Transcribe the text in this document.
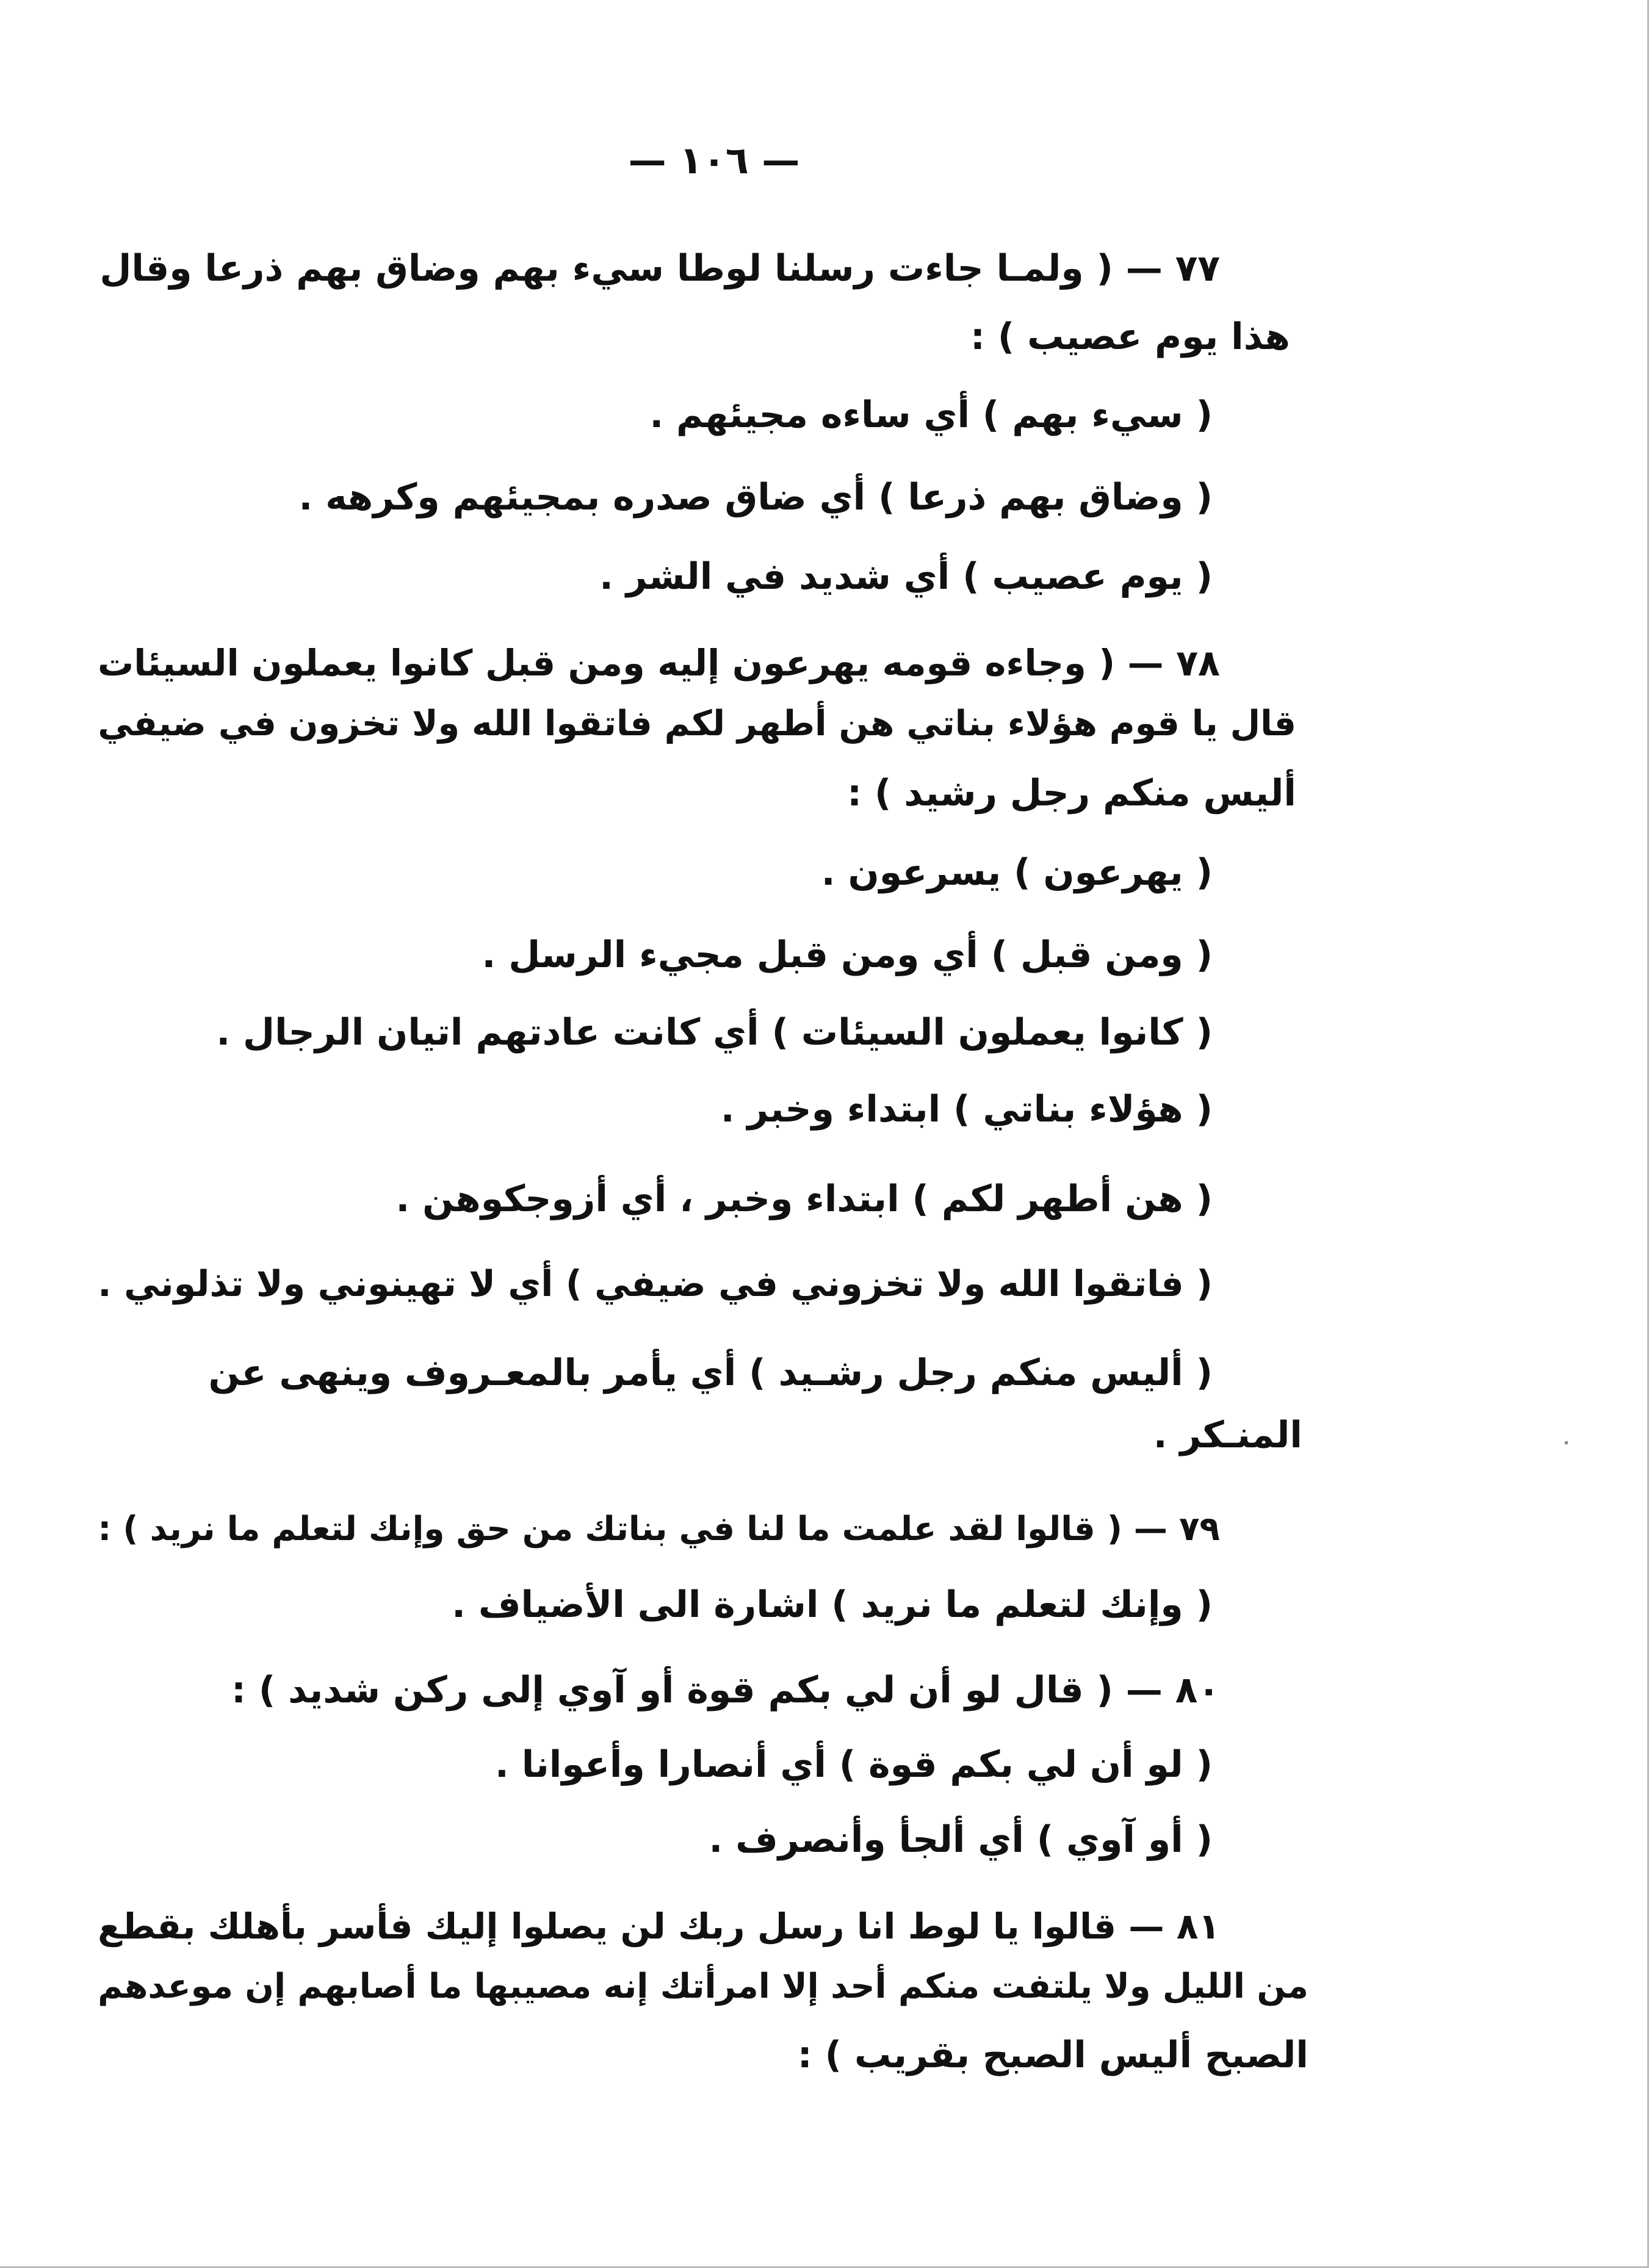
— ١٠٦ —
٧٧ — ( ولمـا جاءت رسلنا لوطا سيء بهم وضاق بهم ذرعا وقال
هذا يوم عصيب ) :
( سيء بهم ) أي ساءه مجيئهم .
( وضاق بهم ذرعا ) أي ضاق صدره بمجيئهم وكرهه .
( يوم عصيب ) أي شديد في الشر .
٧٨ — ( وجاءه قومه يهرعون إليه ومن قبل كانوا يعملون السيئات
قال يا قوم هؤلاء بناتي هن أطهر لكم فاتقوا الله ولا تخزون في ضيفي
أليس منكم رجل رشيد ) :
( يهرعون ) يسرعون .
( ومن قبل ) أي ومن قبل مجيء الرسل .
( كانوا يعملون السيئات ) أي كانت عادتهم اتيان الرجال .
( هؤلاء بناتي ) ابتداء وخبر .
( هن أطهر لكم ) ابتداء وخبر ، أي أزوجكوهن .
( فاتقوا الله ولا تخزوني في ضيفي ) أي لا تهينوني ولا تذلوني .
( أليس منكم رجل رشـيد ) أي يأمر بالمعـروف وينهى عن
المنـكر .
٧٩ — ( قالوا لقد علمت ما لنا في بناتك من حق وإنك لتعلم ما نريد ) :
( وإنك لتعلم ما نريد ) اشارة الى الأضياف .
٨٠ — ( قال لو أن لي بكم قوة أو آوي إلى ركن شديد ) :
( لو أن لي بكم قوة ) أي أنصارا وأعوانا .
( أو آوي ) أي ألجأ وأنصرف .
٨١ — قالوا يا لوط انا رسل ربك لن يصلوا إليك فأسر بأهلك بقطع
من الليل ولا يلتفت منكم أحد إلا امرأتك إنه مصيبها ما أصابهم إن موعدهم
الصبح أليس الصبح بقريب ) :
